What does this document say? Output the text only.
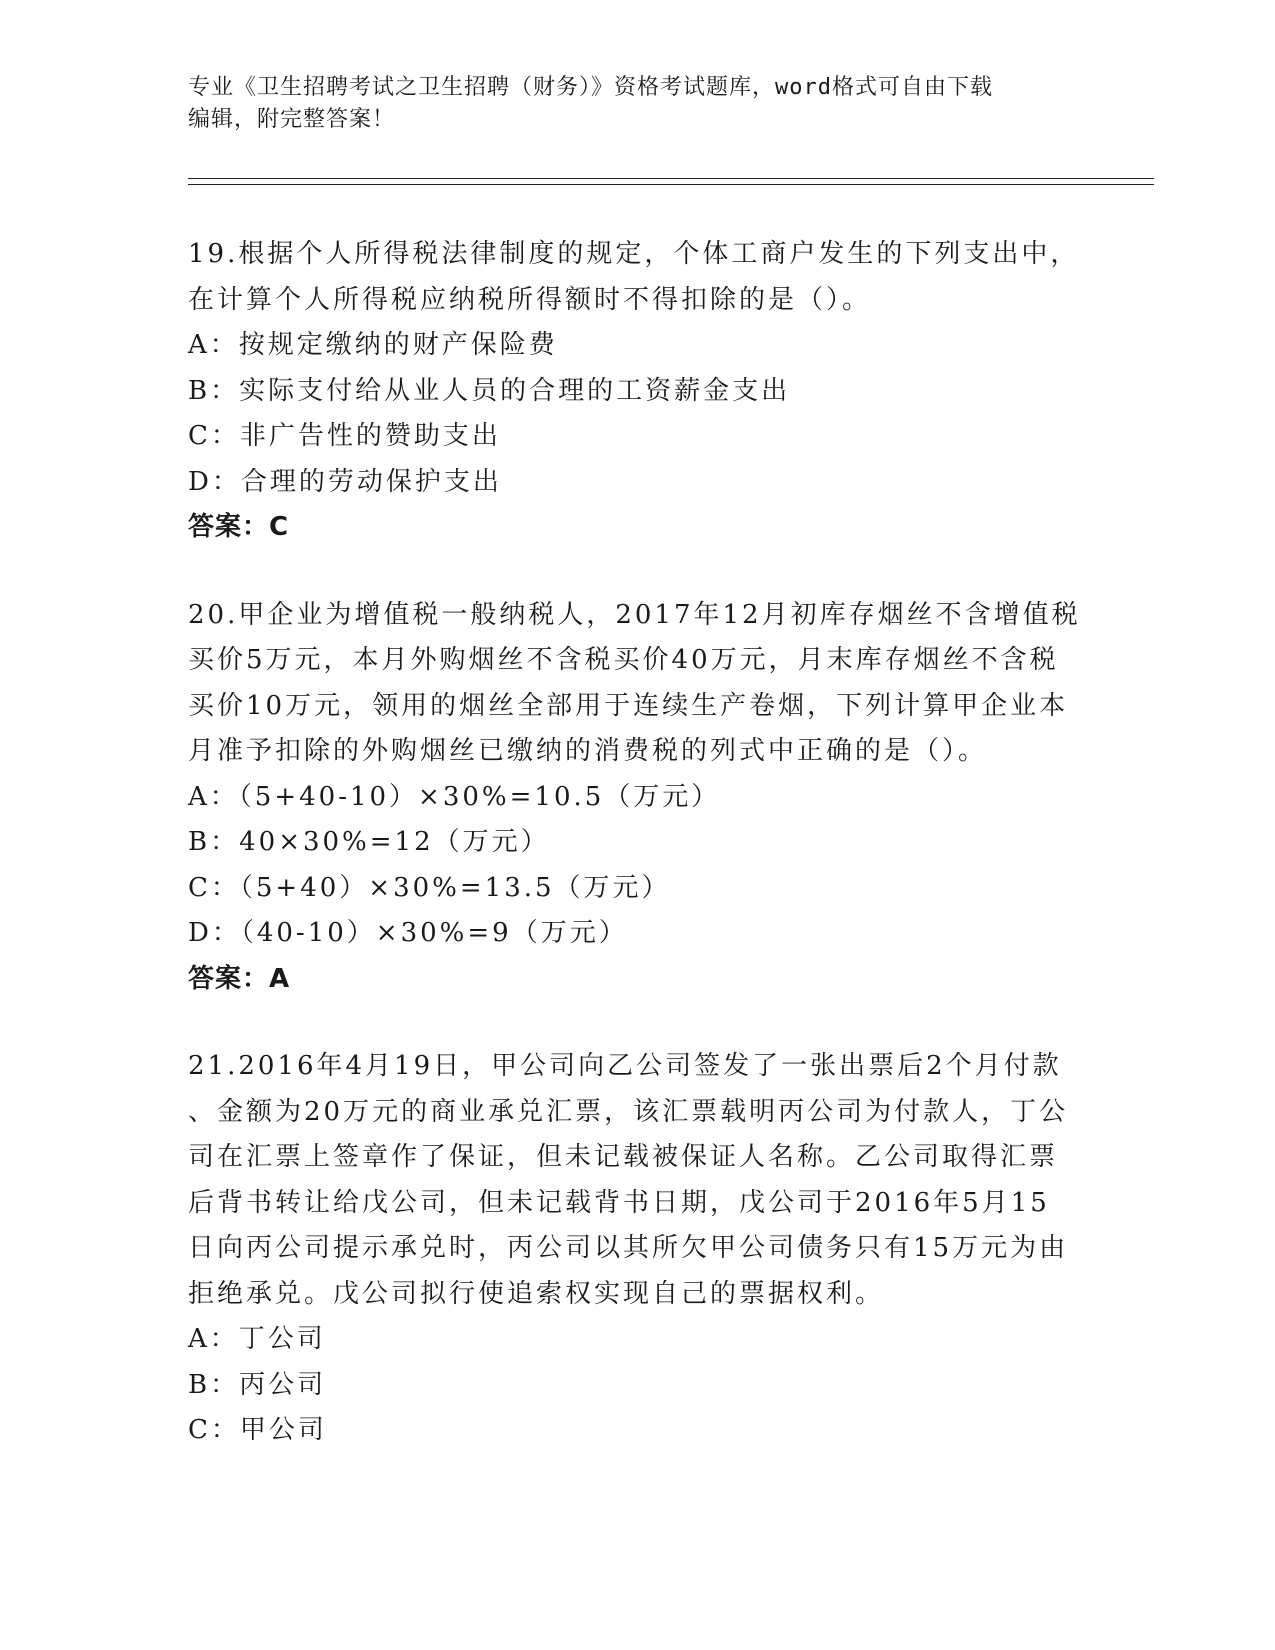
专业《卫生招聘考试之卫生招聘（财务）》资格考试题库，word格式可自由下载
编辑，附完整答案！
19.根据个人所得税法律制度的规定，个体工商户发生的下列支出中，
在计算个人所得税应纳税所得额时不得扣除的是（）。
A：按规定缴纳的财产保险费
B：实际支付给从业人员的合理的工资薪金支出
C：非广告性的赞助支出
D：合理的劳动保护支出
答案：C
20.甲企业为增值税一般纳税人，2017年12月初库存烟丝不含增值税
买价5万元，本月外购烟丝不含税买价40万元，月末库存烟丝不含税
买价10万元，领用的烟丝全部用于连续生产卷烟，下列计算甲企业本
月准予扣除的外购烟丝已缴纳的消费税的列式中正确的是（）。
A：（5+40-10）×30%=10.5（万元）
B：40×30%=12（万元）
C：（5+40）×30%=13.5（万元）
D：（40-10）×30%=9（万元）
答案：A
21.2016年4月19日，甲公司向乙公司签发了一张出票后2个月付款
、金额为20万元的商业承兑汇票，该汇票载明丙公司为付款人，丁公
司在汇票上签章作了保证，但未记载被保证人名称。乙公司取得汇票
后背书转让给戊公司，但未记载背书日期，戊公司于2016年5月15
日向丙公司提示承兑时，丙公司以其所欠甲公司债务只有15万元为由
拒绝承兑。戊公司拟行使追索权实现自己的票据权利。
A：丁公司
B：丙公司
C：甲公司
